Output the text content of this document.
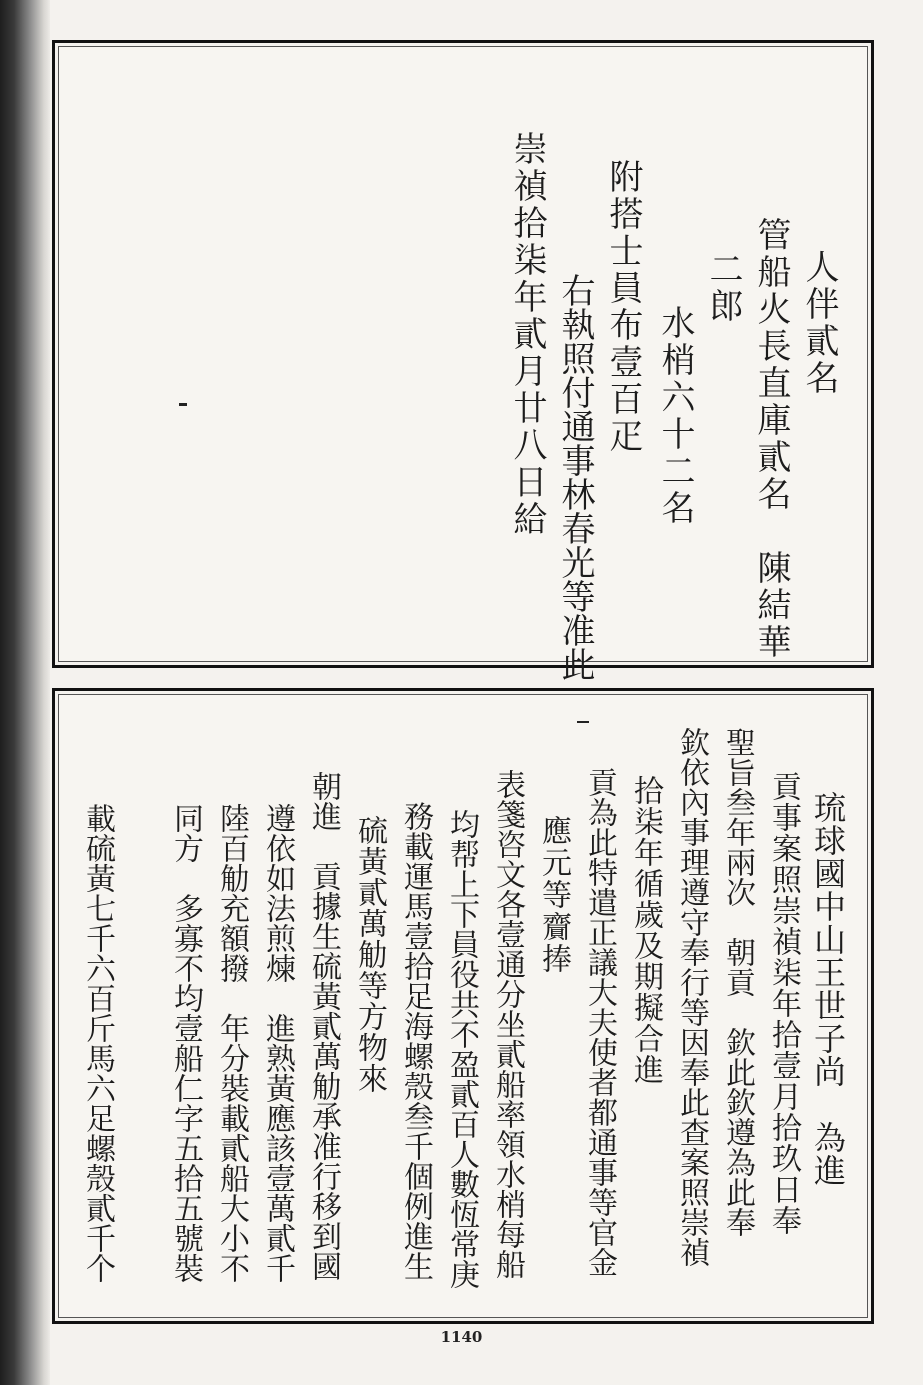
人伴貳名
管船火長直庫貳名　陳結華
二郎
水梢六十二名
附搭士員布壹百疋
右執照付通事林春光等准此
崇禎拾柒年貳月廿八日給
琉球國中山王世子尚　為進
貢事案照崇禎柒年拾壹月拾玖日奉
聖旨叁年兩次　朝貢　欽此欽遵為此奉
欽依內事理遵守奉行等因奉此查案照崇禎
拾柒年循歲及期擬合進
貢為此特遣正議大夫使者都通事等官金
應元等齎捧
表箋咨文各壹通分坐貳船率領水梢每船
均帮上下員役共不盈貳百人數恆常庚
務載運馬壹拾足海螺殼叁千個例進生
硫黃貳萬觔等方物來
朝進　貢據生硫黃貳萬觔承准行移到國
遵依如法煎煉　進熟黃應該壹萬貳千
陸百觔充額撥　年分裝載貳船大小不
同方　多寡不均壹船仁字五拾五號裝
載硫黃七千六百斤馬六足螺殼貳千个
1140
